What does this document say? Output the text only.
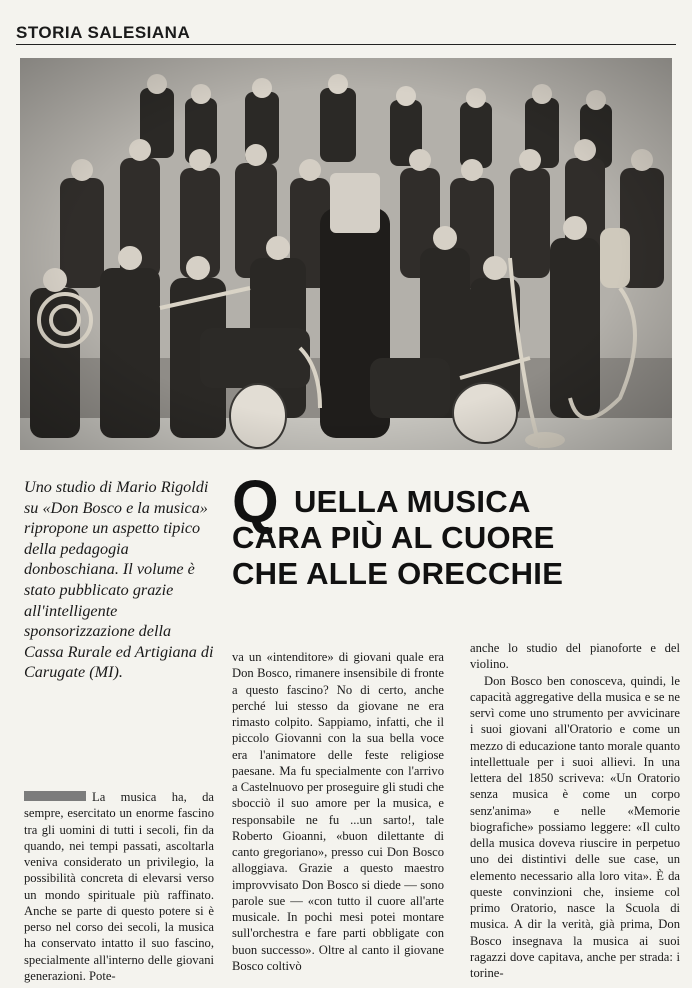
STORIA SALESIANA
Uno studio di Mario Rigoldi su «Don Bosco e la musica» ripropone un aspetto tipico della pedagogia donboschiana. Il volume è stato pubblicato grazie all'intelligente sponsorizzazione della Cassa Rurale ed Artigiana di Carugate (MI).
Q UELLA MUSICA
CARA PIÙ AL CUORE
CHE ALLE ORECCHIE

La musica ha, da sempre, esercitato un enorme fascino tra gli uomini di tutti i secoli, fin da quando, nei tempi passati, ascoltarla veniva considerato un privilegio, la possibilità concreta di elevarsi verso un mondo spirituale più raffinato. Anche se parte di questo potere si è perso nel corso dei secoli, la musica ha conservato intatto il suo fascino, specialmente all'interno delle giovani generazioni. Pote-

va un «intenditore» di giovani quale era Don Bosco, rimanere insensibile di fronte a questo fascino? No di certo, anche perché lui stesso da giovane ne era rimasto colpito. Sappiamo, infatti, che il piccolo Giovanni con la sua bella voce era l'animatore delle feste religiose paesane. Ma fu specialmente con l'arrivo a Castelnuovo per proseguire gli studi che sbocciò il suo amore per la musica, e responsabile ne fu ...un sarto!, tale Roberto Gioanni, «buon dilettante di canto gregoriano», presso cui Don Bosco alloggiava. Grazie a questo maestro improvvisato Don Bosco si diede — sono parole sue — «con tutto il cuore all'arte musicale. In pochi mesi potei montare sull'orchestra e fare parti obbligate con buon successo». Oltre al canto il giovane Bosco coltivò

anche lo studio del pianoforte e del violino.

Don Bosco ben conosceva, quindi, le capacità aggregative della musica e se ne servì come uno strumento per avvicinare i suoi giovani all'Oratorio e come un mezzo di educazione tanto morale quanto intellettuale per i suoi allievi. In una lettera del 1850 scriveva: «Un Oratorio senza musica è come un corpo senz'anima» e nelle «Memorie biografiche» possiamo leggere: «Il culto della musica doveva riuscire in perpetuo uno dei distintivi delle sue case, un elemento necessario alla loro vita». È da queste convinzioni che, insieme col primo Oratorio, nasce la Scuola di musica. A dir la verità, già prima, Don Bosco insegnava la musica ai suoi ragazzi dove capitava, anche per strada: i torine-
